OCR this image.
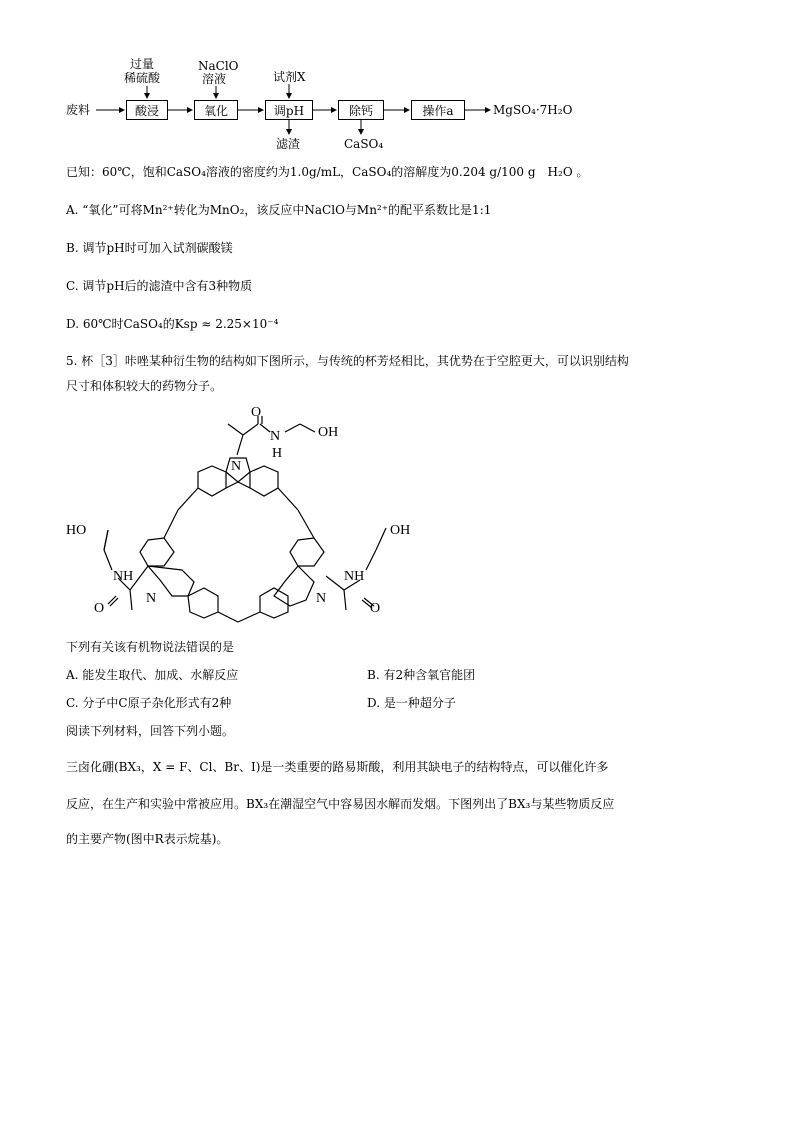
废料
过量
稀硫酸
酸浸
NaClO
溶液
氧化
试剂X
调pH
滤渣
除钙
CaSO₄
操作a	MgSO₄·7H₂O
已知：60℃，饱和CaSO₄溶液的密度约为1.0g/mL，CaSO₄的溶解度为0.204 g/100 g　H₂O 。
A. “氧化”可将Mn²⁺转化为MnO₂，该反应中NaClO与Mn²⁺的配平系数比是1:1
B. 调节pH时可加入试剂碳酸镁
C. 调节pH后的滤渣中含有3种物质
D. 60℃时CaSO₄的Ksp ≈ 2.25×10⁻⁴
5. 杯［3］咔唑某种衍生物的结构如下图所示，与传统的杯芳烃相比，其优势在于空腔更大，可以识别结构
尺寸和体积较大的药物分子。
O
N
H
OH
N
HO
NH
O
N
OH
NH
O
N
下列有关该有机物说法错误的是
A. 能发生取代、加成、水解反应	B. 有2种含氧官能团
C. 分子中C原子杂化形式有2种	D. 是一种超分子
阅读下列材料，回答下列小题。
三卤化硼(BX₃，X = F、Cl、Br、I)是一类重要的路易斯酸，利用其缺电子的结构特点，可以催化许多
反应，在生产和实验中常被应用。BX₃在潮湿空气中容易因水解而发烟。下图列出了BX₃与某些物质反应
的主要产物(图中R表示烷基)。
